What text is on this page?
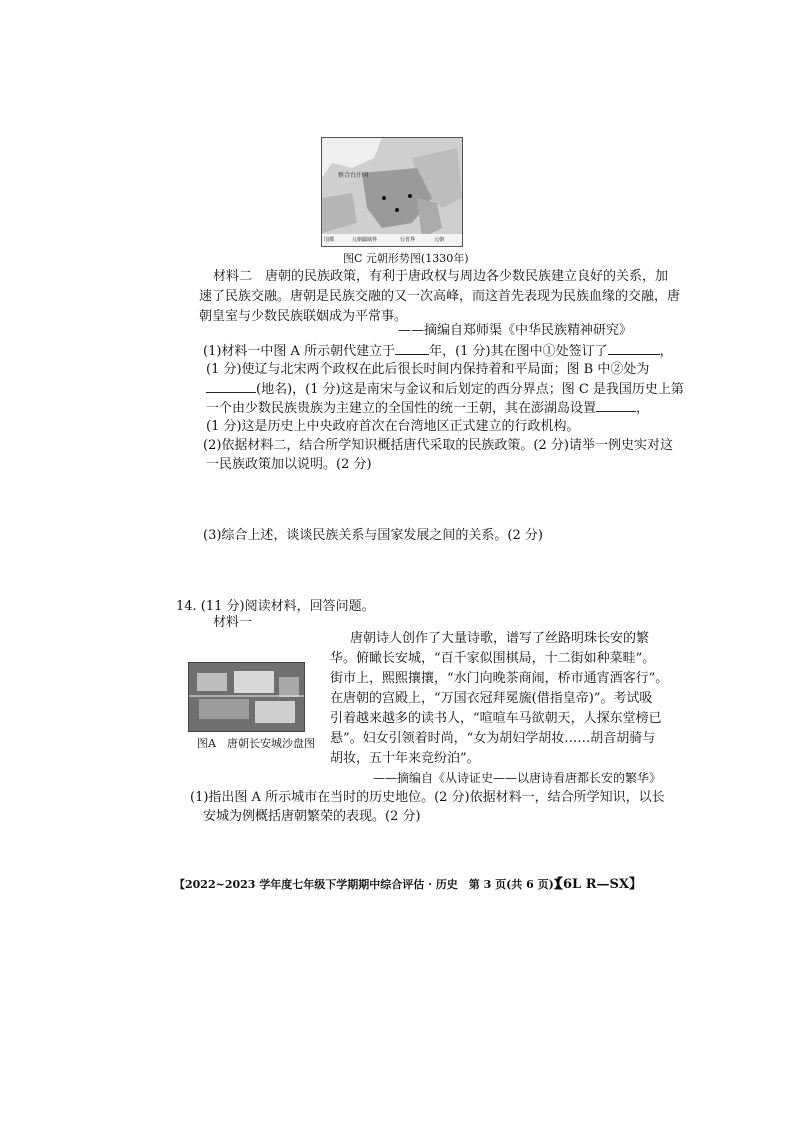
察合台汗国
国都	元朝疆域界	行省界	元朝
图C 元朝形势图(1330年)
材料二　唐朝的民族政策，有利于唐政权与周边各少数民族建立良好的关系，加
速了民族交融。唐朝是民族交融的又一次高峰，而这首先表现为民族血缘的交融，唐
朝皇室与少数民族联姻成为平常事。
——摘编自郑师渠《中华民族精神研究》
(1)材料一中图 A 所示朝代建立于	年，(1 分)其在图中①处签订了	，
(1 分)使辽与北宋两个政权在此后很长时间内保持着和平局面；图 B 中②处为
(地名)，(1 分)这是南宋与金议和后划定的西分界点；图 C 是我国历史上第
一个由少数民族贵族为主建立的全国性的统一王朝，其在澎湖岛设置	，
(1 分)这是历史上中央政府首次在台湾地区正式建立的行政机构。
(2)依据材料二，结合所学知识概括唐代采取的民族政策。(2 分)请举一例史实对这
一民族政策加以说明。(2 分)
(3)综合上述，谈谈民族关系与国家发展之间的关系。(2 分)
14. (11 分)阅读材料，回答问题。
材料一
图A　唐朝长安城沙盘图
唐朝诗人创作了大量诗歌，谱写了丝路明珠长安的繁
华。俯瞰长安城，“百千家似围棋局，十二街如种菜畦”。
街市上，熙熙攘攘，“水门向晚茶商闹，桥市通宵酒客行”。
在唐朝的宫殿上，“万国衣冠拜冕旒(借指皇帝)”。考试吸
引着越来越多的读书人，“喧喧车马欲朝天，人探东堂榜已
悬”。妇女引领着时尚，“女为胡妇学胡妆……胡音胡骑与
胡妆，五十年来竞纷泊”。
——摘编自《从诗证史——以唐诗看唐都长安的繁华》
(1)指出图 A 所示城市在当时的历史地位。(2 分)依据材料一，结合所学知识，以长
安城为例概括唐朝繁荣的表现。(2 分)
【2022~2023 学年度七年级下学期期中综合评估 · 历史　第 3 页(共 6 页)】
【6L R—SX】
